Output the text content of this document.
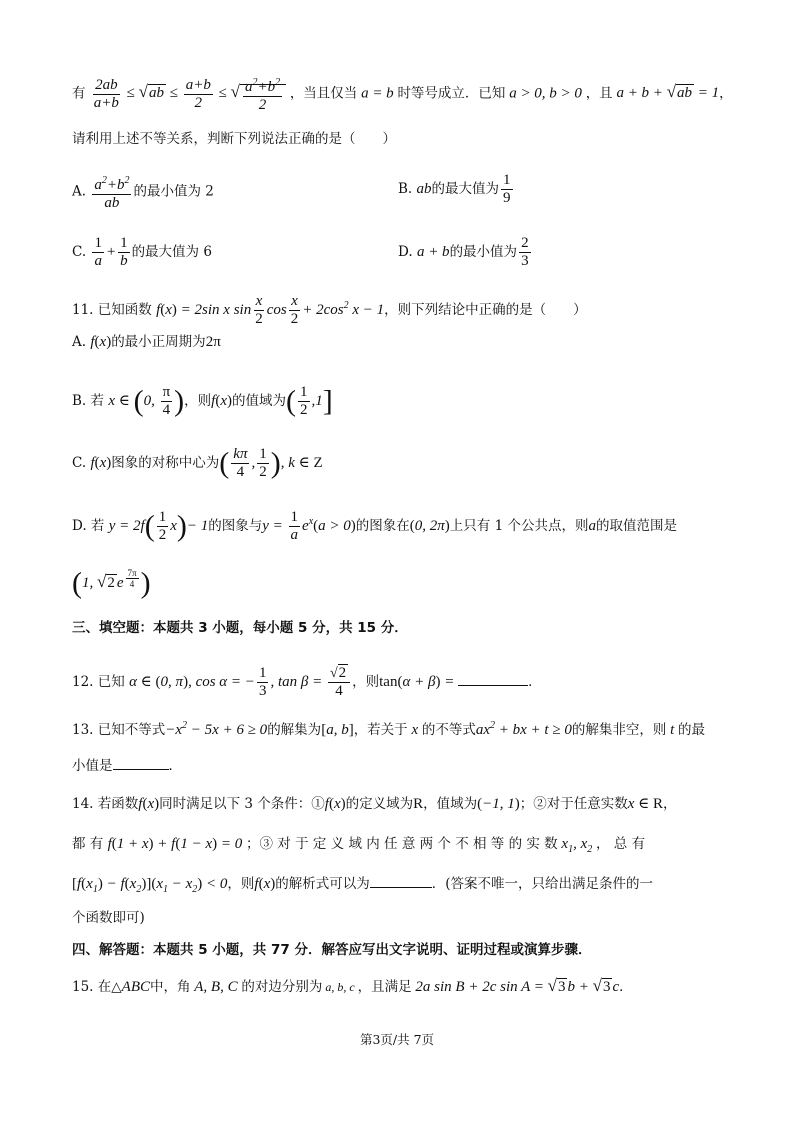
有 $\frac{2ab}{a+b} \le √ab \le \frac{a+b}{2}$ ≤ √ $\frac{a^2+b^2}{2}$ ，当且仅当 a = b 时等号成立．已知 a > 0, b > 0 ，且 a + b + √ab = 1，
请利用上述不等关系，判断下列说法正确的是（　　）
A. $\frac{a^2+b^2}{ab}$ 的最小值为 2	B. ab的最大值为 $\frac{1}{9}$
C. $\frac{1}{a} + \frac{1}{b}$ 的最大值为 6	D. a + b的最小值为 $\frac{2}{3}$
11. 已知函数 f(x) = 2sin x $\sin \frac{x}{2}$ $\cos \frac{x}{2} + 2\cos^2$ x − 1，则下列结论中正确的是（　　）
A. f(x)的最小正周期为2π
B. 若 x ∈ (0, $\frac{\pi}{4}$ )，则f(x)的值域为( $\frac{1}{2} ,1$]
C. f(x)图象的对称中心为( $\frac{k\pi}{4}$ , $\frac{1}{2}$ ), k ∈ Z
D. 若 $y = 2f( \frac{1}{2} x)- 1$的图象与$y = \frac{1}{a} e^x(a > 0)$的图象在(0, 2π)上只有 1 个公共点，则a的取值范围是
(1, √2 e $^{\frac{7\pi}{4}}$ )
三、填空题：本题共 3 小题，每小题 5 分，共 15 分．
12. 已知 α ∈ (0, π), cos α = − $\frac{1}{3}$ , $\tan \beta = \frac{√2}{4}$ ，则tan(α + β) =	．
13. 已知不等式$-x^2 - 5x + 6 \ge 0$的解集为[a, b]，若关于 x 的不等式$ax^2$ + bx + t ≥ 0的解集非空，则 t 的最
小值是	．
14. 若函数f(x)同时满足以下 3 个条件：①f(x)的定义域为R，值域为(−1, 1)；②对于任意实数x ∈ R，
都 有 f(1 + x) + f(1 − x) = 0 ；③ 对 于 定 义 域 内 任 意 两 个 不 相 等 的 实 数 $x_1$, $x_2$ ， 总 有
$[f(x_1) - f(x_2)](x_1 - x_2) < 0$，则f(x)的解析式可以为	．(答案不唯一，只给出满足条件的一
个函数即可)
四、解答题：本题共 5 小题，共 77 分．解答应写出文字说明、证明过程或演算步骤．
15. 在△ABC中，角 A, B, C 的对边分别为 a, b, c ，且满足 2a sin B + 2c sin A = √3 b + √3 c．
第3页/共 7页
